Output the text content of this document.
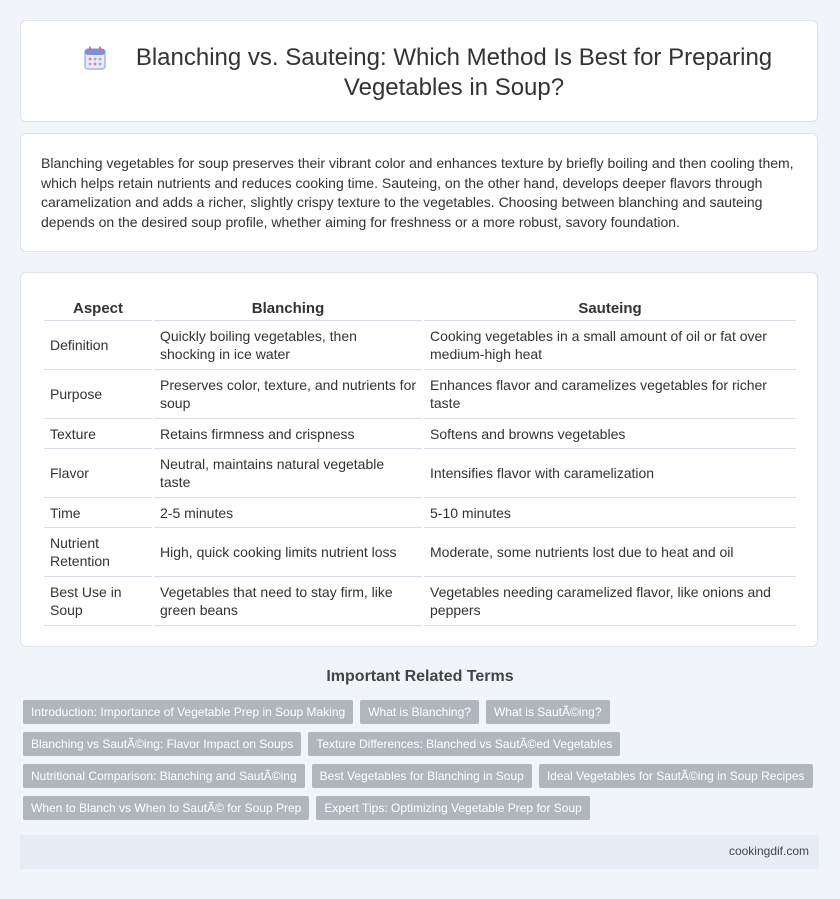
Blanching vs. Sauteing: Which Method Is Best for Preparing Vegetables in Soup?

Blanching vegetables for soup preserves their vibrant color and enhances texture by briefly boiling and then cooling them, which helps retain nutrients and reduces cooking time. Sauteing, on the other hand, develops deeper flavors through caramelization and adds a richer, slightly crispy texture to the vegetables. Choosing between blanching and sauteing depends on the desired soup profile, whether aiming for freshness or a more robust, savory foundation.

Aspect	Blanching	Sauteing
Definition	Quickly boiling vegetables, then shocking in ice water	Cooking vegetables in a small amount of oil or fat over medium-high heat
Purpose	Preserves color, texture, and nutrients for soup	Enhances flavor and caramelizes vegetables for richer taste
Texture	Retains firmness and crispness	Softens and browns vegetables
Flavor	Neutral, maintains natural vegetable taste	Intensifies flavor with caramelization
Time	2-5 minutes	5-10 minutes
Nutrient Retention	High, quick cooking limits nutrient loss	Moderate, some nutrients lost due to heat and oil
Best Use in Soup	Vegetables that need to stay firm, like green beans	Vegetables needing caramelized flavor, like onions and peppers
Important Related Terms
Introduction: Importance of Vegetable Prep in Soup Making	What is Blanching?	What is SautÃ©ing?
Blanching vs SautÃ©ing: Flavor Impact on Soups	Texture Differences: Blanched vs SautÃ©ed Vegetables
Nutritional Comparison: Blanching and SautÃ©ing	Best Vegetables for Blanching in Soup	Ideal Vegetables for SautÃ©ing in Soup Recipes
When to Blanch vs When to SautÃ© for Soup Prep	Expert Tips: Optimizing Vegetable Prep for Soup
cookingdif.com
